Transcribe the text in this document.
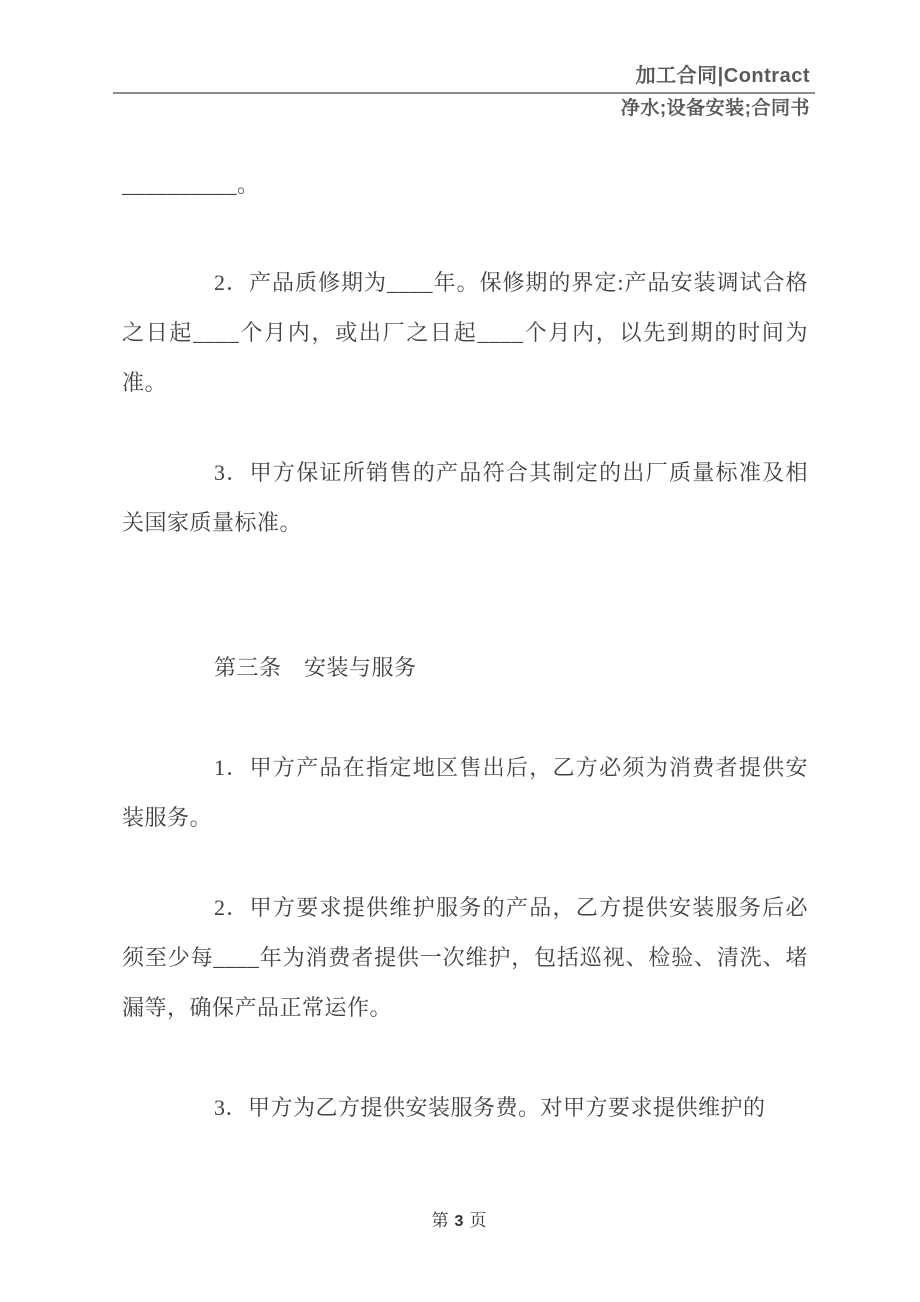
加工合同|Contract
净水;设备安装;合同书

__________。

2．产品质修期为____年。保修期的界定:产品安装调试合格之日起____个月内，或出厂之日起____个月内，以先到期的时间为准。

3．甲方保证所销售的产品符合其制定的出厂质量标准及相关国家质量标准。

第三条　安装与服务

1．甲方产品在指定地区售出后，乙方必须为消费者提供安装服务。

2．甲方要求提供维护服务的产品，乙方提供安装服务后必须至少每____年为消费者提供一次维护，包括巡视、检验、清洗、堵漏等，确保产品正常运作。

3．甲方为乙方提供安装服务费。对甲方要求提供维护的

第 3 页
